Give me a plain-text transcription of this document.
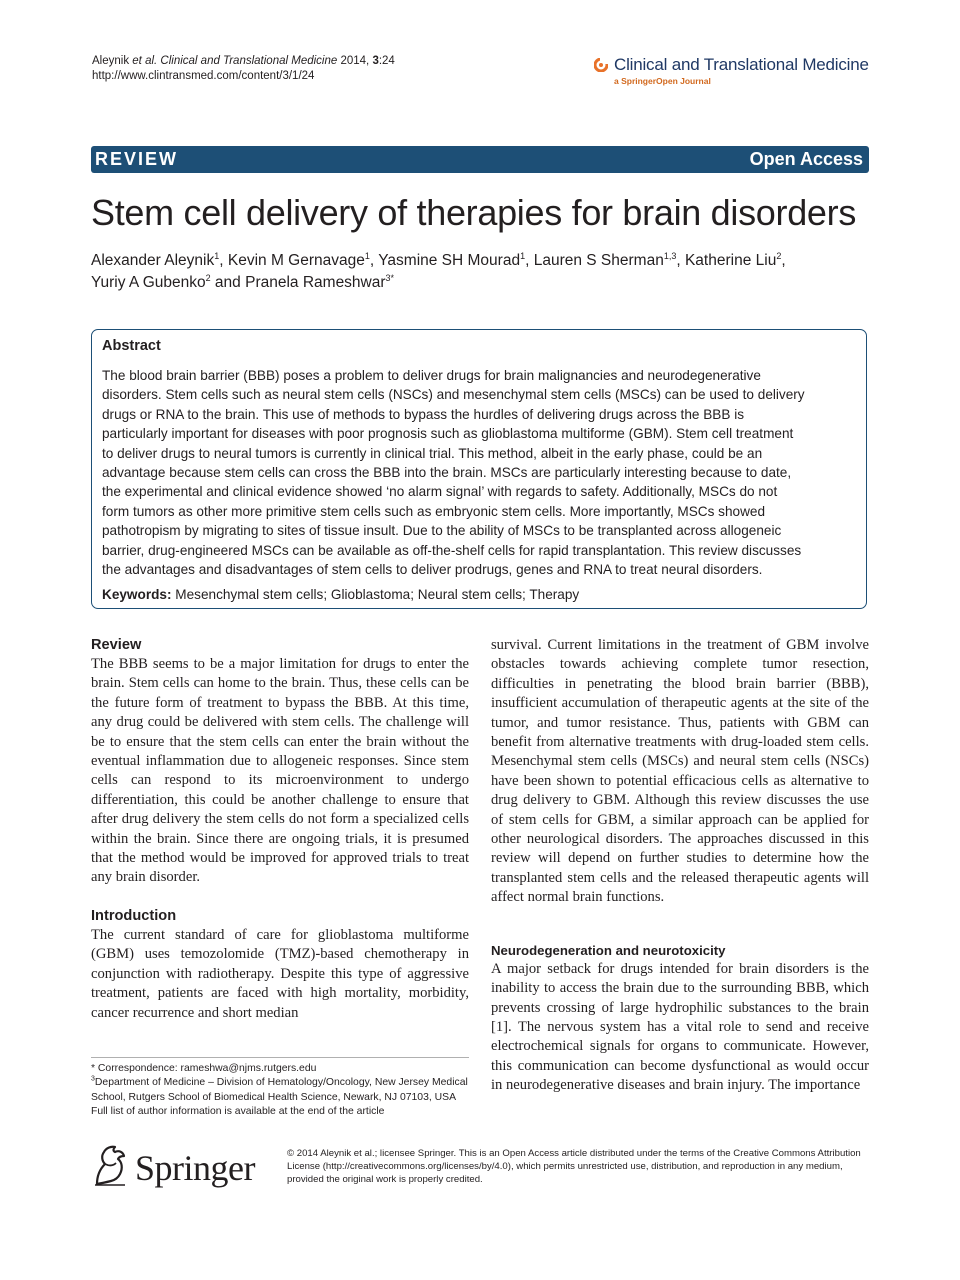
Aleynik et al. Clinical and Translational Medicine 2014, 3:24
http://www.clintransmed.com/content/3/1/24
Clinical and Translational Medicine
a SpringerOpen Journal
REVIEW	Open Access
Stem cell delivery of therapies for brain disorders
Alexander Aleynik$^1$, Kevin M Gernavage$^1$, Yasmine SH Mourad$^1$, Lauren S Sherman$^{1,3}$, Katherine Liu$^2$,
Yuriy A Gubenko$^2$ and Pranela Rameshwar$^{3*}$
Abstract
The blood brain barrier (BBB) poses a problem to deliver drugs for brain malignancies and neurodegenerative
disorders. Stem cells such as neural stem cells (NSCs) and mesenchymal stem cells (MSCs) can be used to delivery
drugs or RNA to the brain. This use of methods to bypass the hurdles of delivering drugs across the BBB is
particularly important for diseases with poor prognosis such as glioblastoma multiforme (GBM). Stem cell treatment
to deliver drugs to neural tumors is currently in clinical trial. This method, albeit in the early phase, could be an
advantage because stem cells can cross the BBB into the brain. MSCs are particularly interesting because to date,
the experimental and clinical evidence showed ‘no alarm signal’ with regards to safety. Additionally, MSCs do not
form tumors as other more primitive stem cells such as embryonic stem cells. More importantly, MSCs showed
pathotropism by migrating to sites of tissue insult. Due to the ability of MSCs to be transplanted across allogeneic
barrier, drug-engineered MSCs can be available as off-the-shelf cells for rapid transplantation. This review discusses
the advantages and disadvantages of stem cells to deliver prodrugs, genes and RNA to treat neural disorders.
Keywords: Mesenchymal stem cells; Glioblastoma; Neural stem cells; Therapy
Review

The BBB seems to be a major limitation for drugs to enter the brain. Stem cells can home to the brain. Thus, these cells can be the future form of treatment to bypass the BBB. At this time, any drug could be delivered with stem cells. The challenge will be to ensure that the stem cells can enter the brain without the eventual inflammation due to allogeneic responses. Since stem cells can respond to its microenvironment to undergo differentiation, this could be another challenge to ensure that after drug delivery the stem cells do not form a specialized cells within the brain. Since there are ongoing trials, it is presumed that the method would be improved for approved trials to treat any brain disorder.

Introduction

The current standard of care for glioblastoma multiforme (GBM) uses temozolomide (TMZ)-based chemotherapy in conjunction with radiotherapy. Despite this type of aggressive treatment, patients are faced with high mortality, morbidity, cancer recurrence and short median

survival. Current limitations in the treatment of GBM involve obstacles towards achieving complete tumor resection, difficulties in penetrating the blood brain barrier (BBB), insufficient accumulation of therapeutic agents at the site of the tumor, and tumor resistance. Thus, patients with GBM can benefit from alternative treatments with drug-loaded stem cells. Mesenchymal stem cells (MSCs) and neural stem cells (NSCs) have been shown to potential efficacious cells as alternative to drug delivery to GBM. Although this review discusses the use of stem cells for GBM, a similar approach can be applied for other neurological disorders. The approaches discussed in this review will depend on further studies to determine how the transplanted stem cells and the released therapeutic agents will affect normal brain functions.

Neurodegeneration and neurotoxicity

A major setback for drugs intended for brain disorders is the inability to access the brain due to the surrounding BBB, which prevents crossing of large hydrophilic substances to the brain [1]. The nervous system has a vital role to send and receive electrochemical signals for organs to communicate. However, this communication can become dysfunctional as would occur in neurodegenerative diseases and brain injury. The importance

* Correspondence: rameshwa@njms.rutgers.edu
$^3$Department of Medicine – Division of Hematology/Oncology, New Jersey Medical School, Rutgers School of Biomedical Health Science, Newark, NJ 07103, USA
Full list of author information is available at the end of the article
Springer	© 2014 Aleynik et al.; licensee Springer. This is an Open Access article distributed under the terms of the Creative Commons Attribution License (http://creativecommons.org/licenses/by/4.0), which permits unrestricted use, distribution, and reproduction in any medium, provided the original work is properly credited.
